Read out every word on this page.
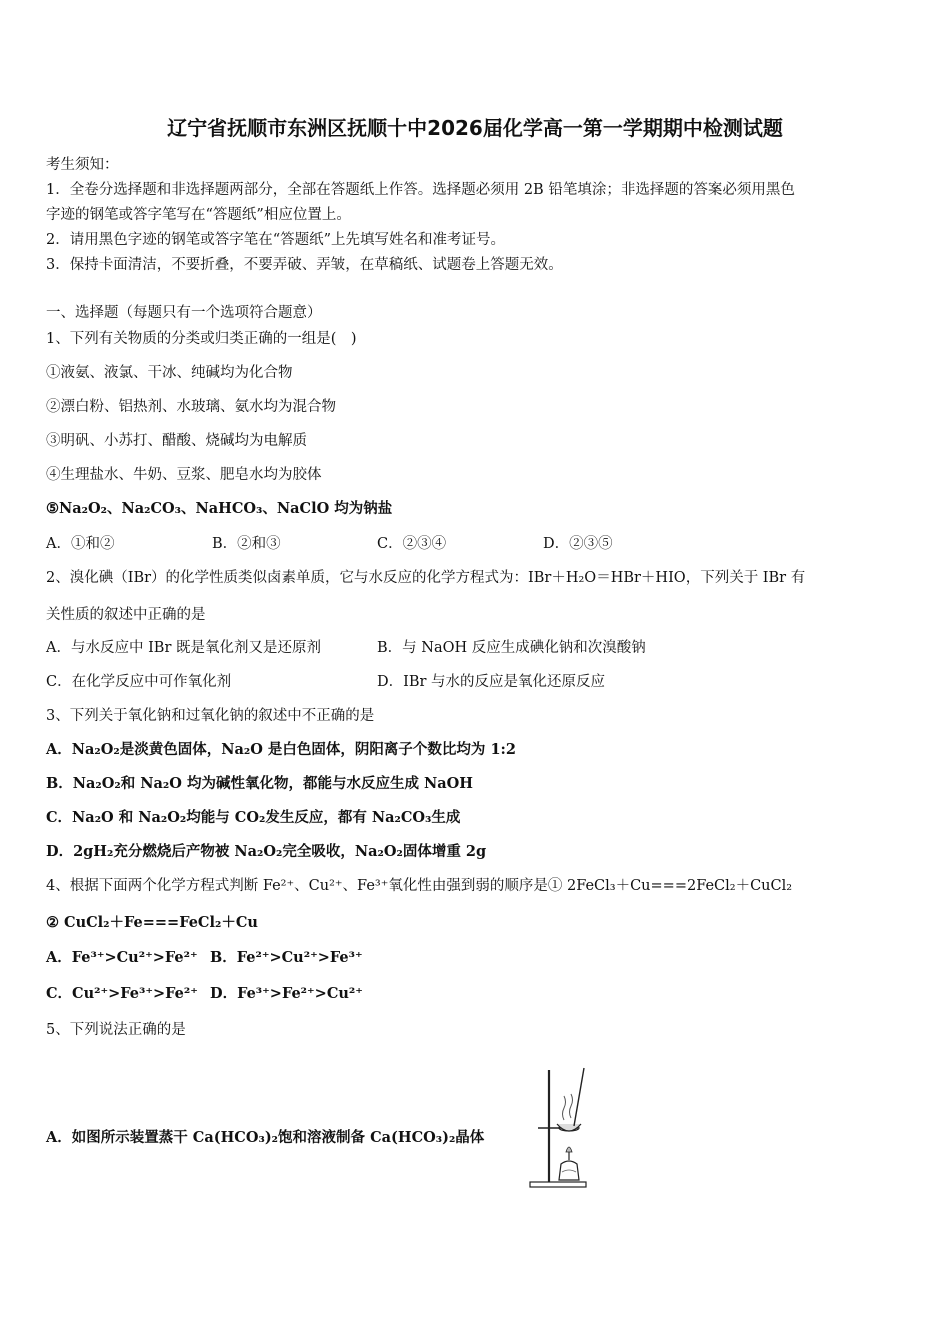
辽宁省抚顺市东洲区抚顺十中2026届化学高一第一学期期中检测试题
考生须知：
1．全卷分选择题和非选择题两部分，全部在答题纸上作答。选择题必须用 2B 铅笔填涂；非选择题的答案必须用黑色
字迹的钢笔或答字笔写在“答题纸”相应位置上。
2．请用黑色字迹的钢笔或答字笔在“答题纸”上先填写姓名和准考证号。
3．保持卡面清洁，不要折叠，不要弄破、弄皱，在草稿纸、试题卷上答题无效。
一、选择题（每题只有一个选项符合题意）
1、下列有关物质的分类或归类正确的一组是(　)
①液氨、液氯、干冰、纯碱均为化合物
②漂白粉、铝热剂、水玻璃、氨水均为混合物
③明矾、小苏打、醋酸、烧碱均为电解质
④生理盐水、牛奶、豆浆、肥皂水均为胶体
⑤Na₂O₂、Na₂CO₃、NaHCO₃、NaClO 均为钠盐
A．①和②	B．②和③	C．②③④	D．②③⑤
2、溴化碘（IBr）的化学性质类似卤素单质，它与水反应的化学方程式为：IBr＋H₂O＝HBr＋HIO，下列关于 IBr 有
关性质的叙述中正确的是
A．与水反应中 IBr 既是氧化剂又是还原剂	B．与 NaOH 反应生成碘化钠和次溴酸钠
C．在化学反应中可作氧化剂	D．IBr 与水的反应是氧化还原反应
3、下列关于氧化钠和过氧化钠的叙述中不正确的是
A．Na₂O₂是淡黄色固体，Na₂O 是白色固体，阴阳离子个数比均为 1:2
B．Na₂O₂和 Na₂O 均为碱性氧化物，都能与水反应生成 NaOH
C．Na₂O 和 Na₂O₂均能与 CO₂发生反应，都有 Na₂CO₃生成
D．2gH₂充分燃烧后产物被 Na₂O₂完全吸收，Na₂O₂固体增重 2g
4、根据下面两个化学方程式判断 Fe²⁺、Cu²⁺、Fe³⁺氧化性由强到弱的顺序是① 2FeCl₃＋Cu===2FeCl₂＋CuCl₂
② CuCl₂＋Fe===FeCl₂＋Cu
A．Fe³⁺>Cu²⁺>Fe²⁺ B．Fe²⁺>Cu²⁺>Fe³⁺
C．Cu²⁺>Fe³⁺>Fe²⁺ D．Fe³⁺>Fe²⁺>Cu²⁺
5、下列说法正确的是
A．如图所示装置蒸干 Ca(HCO₃)₂饱和溶液制备 Ca(HCO₃)₂晶体
